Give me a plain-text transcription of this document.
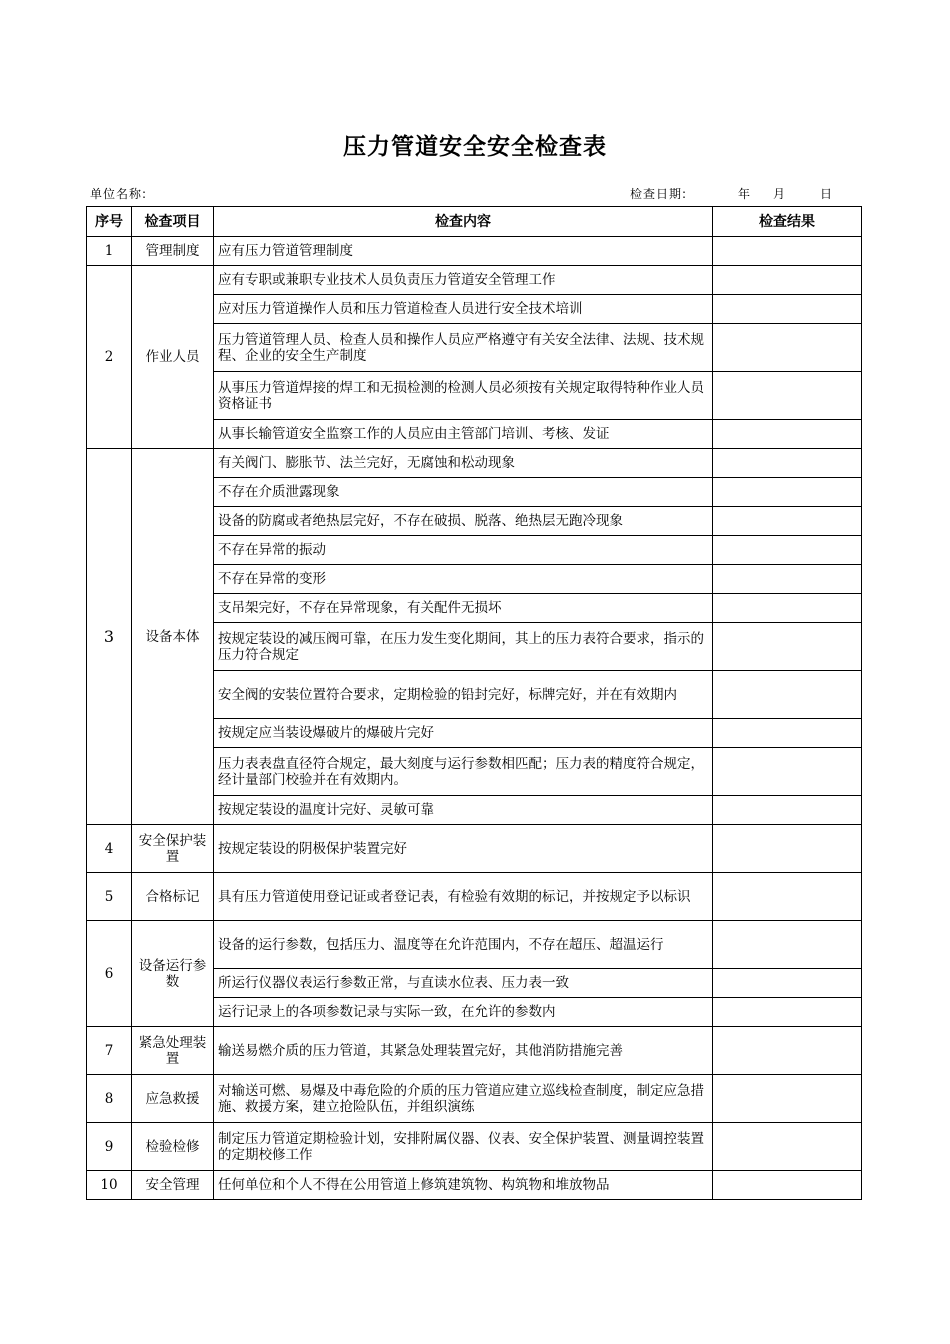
压力管道安全安全检查表
单位名称:	检查日期:	年 月	日
序号	检查项目	检查内容	检查结果
1	管理制度	应有压力管道管理制度	
2	作业人员	应有专职或兼职专业技术人员负责压力管道安全管理工作	
		应对压力管道操作人员和压力管道检查人员进行安全技术培训	
		压力管道管理人员、检查人员和操作人员应严格遵守有关安全法律、法规、技术规程、企业的安全生产制度	
		从事压力管道焊接的焊工和无损检测的检测人员必须按有关规定取得特种作业人员资格证书	
		从事长输管道安全监察工作的人员应由主管部门培训、考核、发证	
3	设备本体	有关阀门、膨胀节、法兰完好，无腐蚀和松动现象	
		不存在介质泄露现象	
		设备的防腐或者绝热层完好，不存在破损、脱落、绝热层无跑冷现象	
		不存在异常的振动	
		不存在异常的变形	
		支吊架完好，不存在异常现象，有关配件无损坏	
		按规定装设的减压阀可靠，在压力发生变化期间，其上的压力表符合要求，指示的压力符合规定	
		安全阀的安装位置符合要求，定期检验的铅封完好，标牌完好，并在有效期内	
		按规定应当装设爆破片的爆破片完好	
		压力表表盘直径符合规定，最大刻度与运行参数相匹配；压力表的精度符合规定，经计量部门校验并在有效期内。	
		按规定装设的温度计完好、灵敏可靠	
4	安全保护装置	按规定装设的阴极保护装置完好	
5	合格标记	具有压力管道使用登记证或者登记表，有检验有效期的标记，并按规定予以标识	
6	设备运行参数	设备的运行参数，包括压力、温度等在允许范围内，不存在超压、超温运行	
		所运行仪器仪表运行参数正常，与直读水位表、压力表一致	
		运行记录上的各项参数记录与实际一致，在允许的参数内	
7	紧急处理装置	输送易燃介质的压力管道，其紧急处理装置完好，其他消防措施完善	
8	应急救援	对输送可燃、易爆及中毒危险的介质的压力管道应建立巡线检查制度，制定应急措施、救援方案，建立抢险队伍，并组织演练	
9	检验检修	制定压力管道定期检验计划，安排附属仪器、仪表、安全保护装置、测量调控装置的定期校修工作	
10	安全管理	任何单位和个人不得在公用管道上修筑建筑物、构筑物和堆放物品	
